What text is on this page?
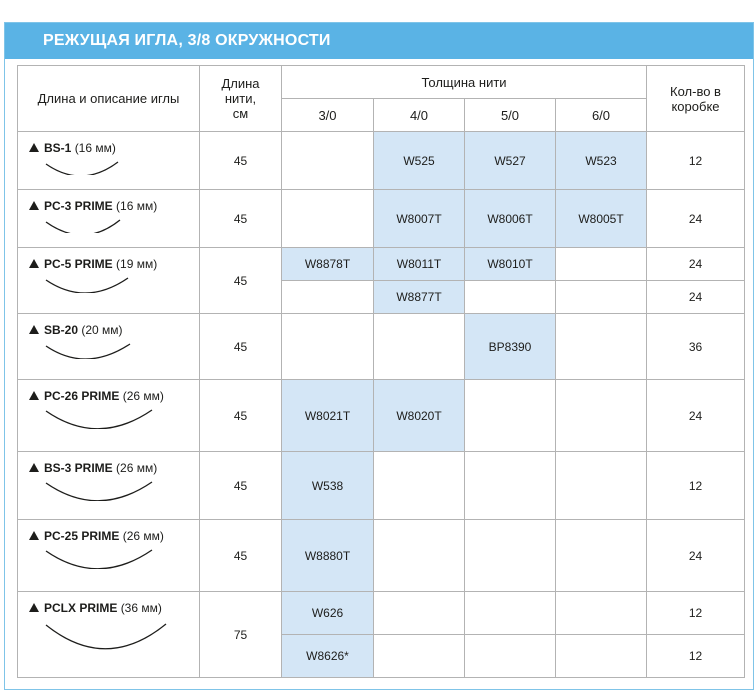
РЕЖУЩАЯ ИГЛА, 3/8 ОКРУЖНОСТИ
Длина и описание иглы	Длина нити, см	Толщина нити				Кол-во в коробке
		3/0	4/0	5/0	6/0	

BS-1 (16 мм)	45		W525	W527	W523	12

PC-3 PRIME (16 мм)	45		W8007T	W8006T	W8005T	24

PC-5 PRIME (19 мм)	45	W8878T	W8011T	W8010T		24
			W8877T			24

SB-20 (20 мм)	45			BP8390		36

PC-26 PRIME (26 мм)	45	W8021T	W8020T			24

BS-3 PRIME (26 мм)	45	W538				12

PC-25 PRIME (26 мм)	45	W8880T				24

PCLX PRIME (36 мм)	75	W626				12
		W8626*				12
